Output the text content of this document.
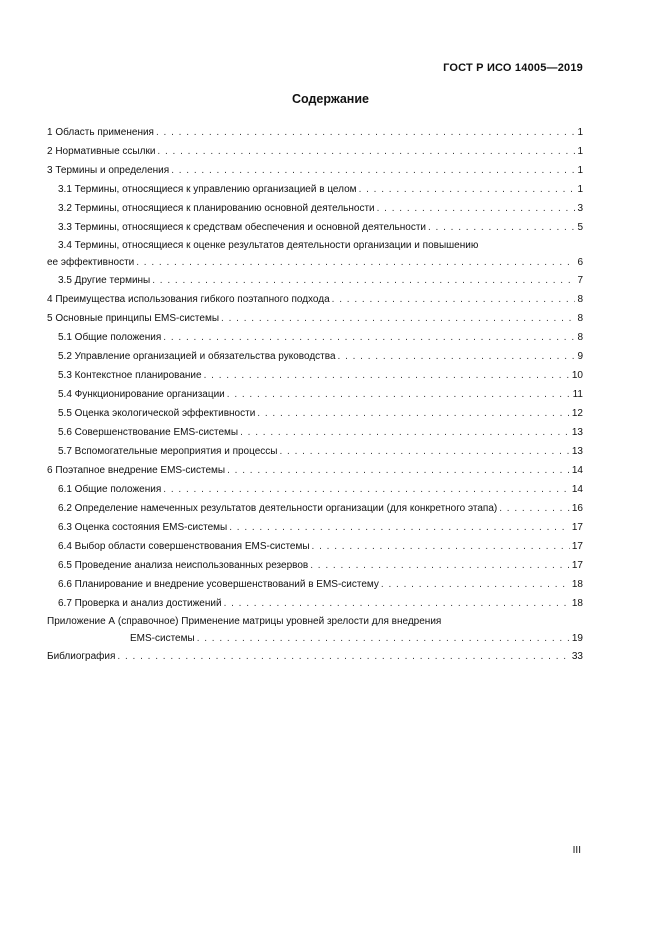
ГОСТ Р ИСО 14005—2019
Содержание
1 Область применения . . .	1
2 Нормативные ссылки . . .	1
3 Термины и определения . . .	1
3.1 Термины, относящиеся к управлению организацией в целом . . .	1
3.2 Термины, относящиеся к планированию основной деятельности . . .	3
3.3 Термины, относящиеся к средствам обеспечения и основной деятельности . . .	5
3.4 Термины, относящиеся к оценке результатов деятельности организации и повышению
ее эффективности . . .	6
3.5 Другие термины . . .	7
4 Преимущества использования гибкого поэтапного подхода . . .	8
5 Основные принципы EMS-системы . . .	8
5.1 Общие положения . . .	8
5.2 Управление организацией и обязательства руководства . . .	9
5.3 Контекстное планирование . . .	10
5.4 Функционирование организации . . .	11
5.5 Оценка экологической эффективности . . .	12
5.6 Совершенствование EMS-системы . . .	13
5.7 Вспомогательные мероприятия и процессы . . .	13
6 Поэтапное внедрение EMS-системы . . .	14
6.1 Общие положения . . .	14
6.2 Определение намеченных результатов деятельности организации (для конкретного этапа) . . .	16
6.3 Оценка состояния EMS-системы . . .	17
6.4 Выбор области совершенствования EMS-системы . . .	17
6.5 Проведение анализа неиспользованных резервов . . .	17
6.6 Планирование и внедрение усовершенствований в EMS-систему . . .	18
6.7 Проверка и анализ достижений . . .	18
Приложение А (справочное) Применение матрицы уровней зрелости для внедрения
EMS-системы . . .	19
Библиография . . .	33
III
